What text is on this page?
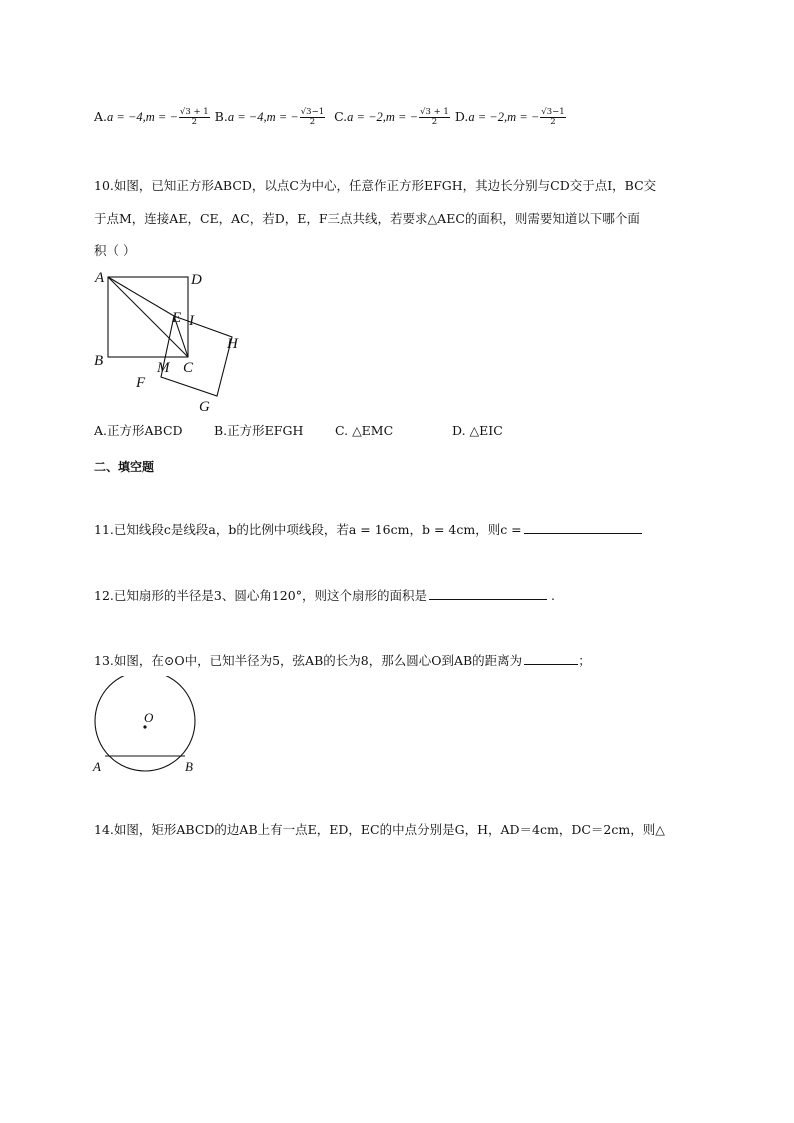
A.a = −4,m = − $\frac{√3 + 1}{2} B.a = -4,m$ = − $\frac{√3-1}{2} C.a = -2,m$ = − $\frac{√3 + 1}{2} D.a = -2,m$ = − $\frac{√3-1}{2}$
10.如图，已知正方形ABCD，以点C为中心，任意作正方形EFGH，其边长分别与CD交于点I，BC交
于点M，连接AE，CE，AC，若D，E，F三点共线，若要求△AEC的面积，则需要知道以下哪个面
积（ ）
A	D
E I
H
B	M C
F
G
A.正方形ABCD	B.正方形EFGH	C. △EMC	D. △EIC
二、填空题
11.已知线段c是线段a，b的比例中项线段，若a = 16cm，b = 4cm，则c =
12.已知扇形的半径是3、圆心角120°，则这个扇形的面积是	.
13.如图，在⊙O中，已知半径为5，弦AB的长为8，那么圆心O到AB的距离为	；
O
A	B
14.如图，矩形ABCD的边AB上有一点E，ED，EC的中点分别是G，H，AD＝4cm，DC＝2cm，则△
